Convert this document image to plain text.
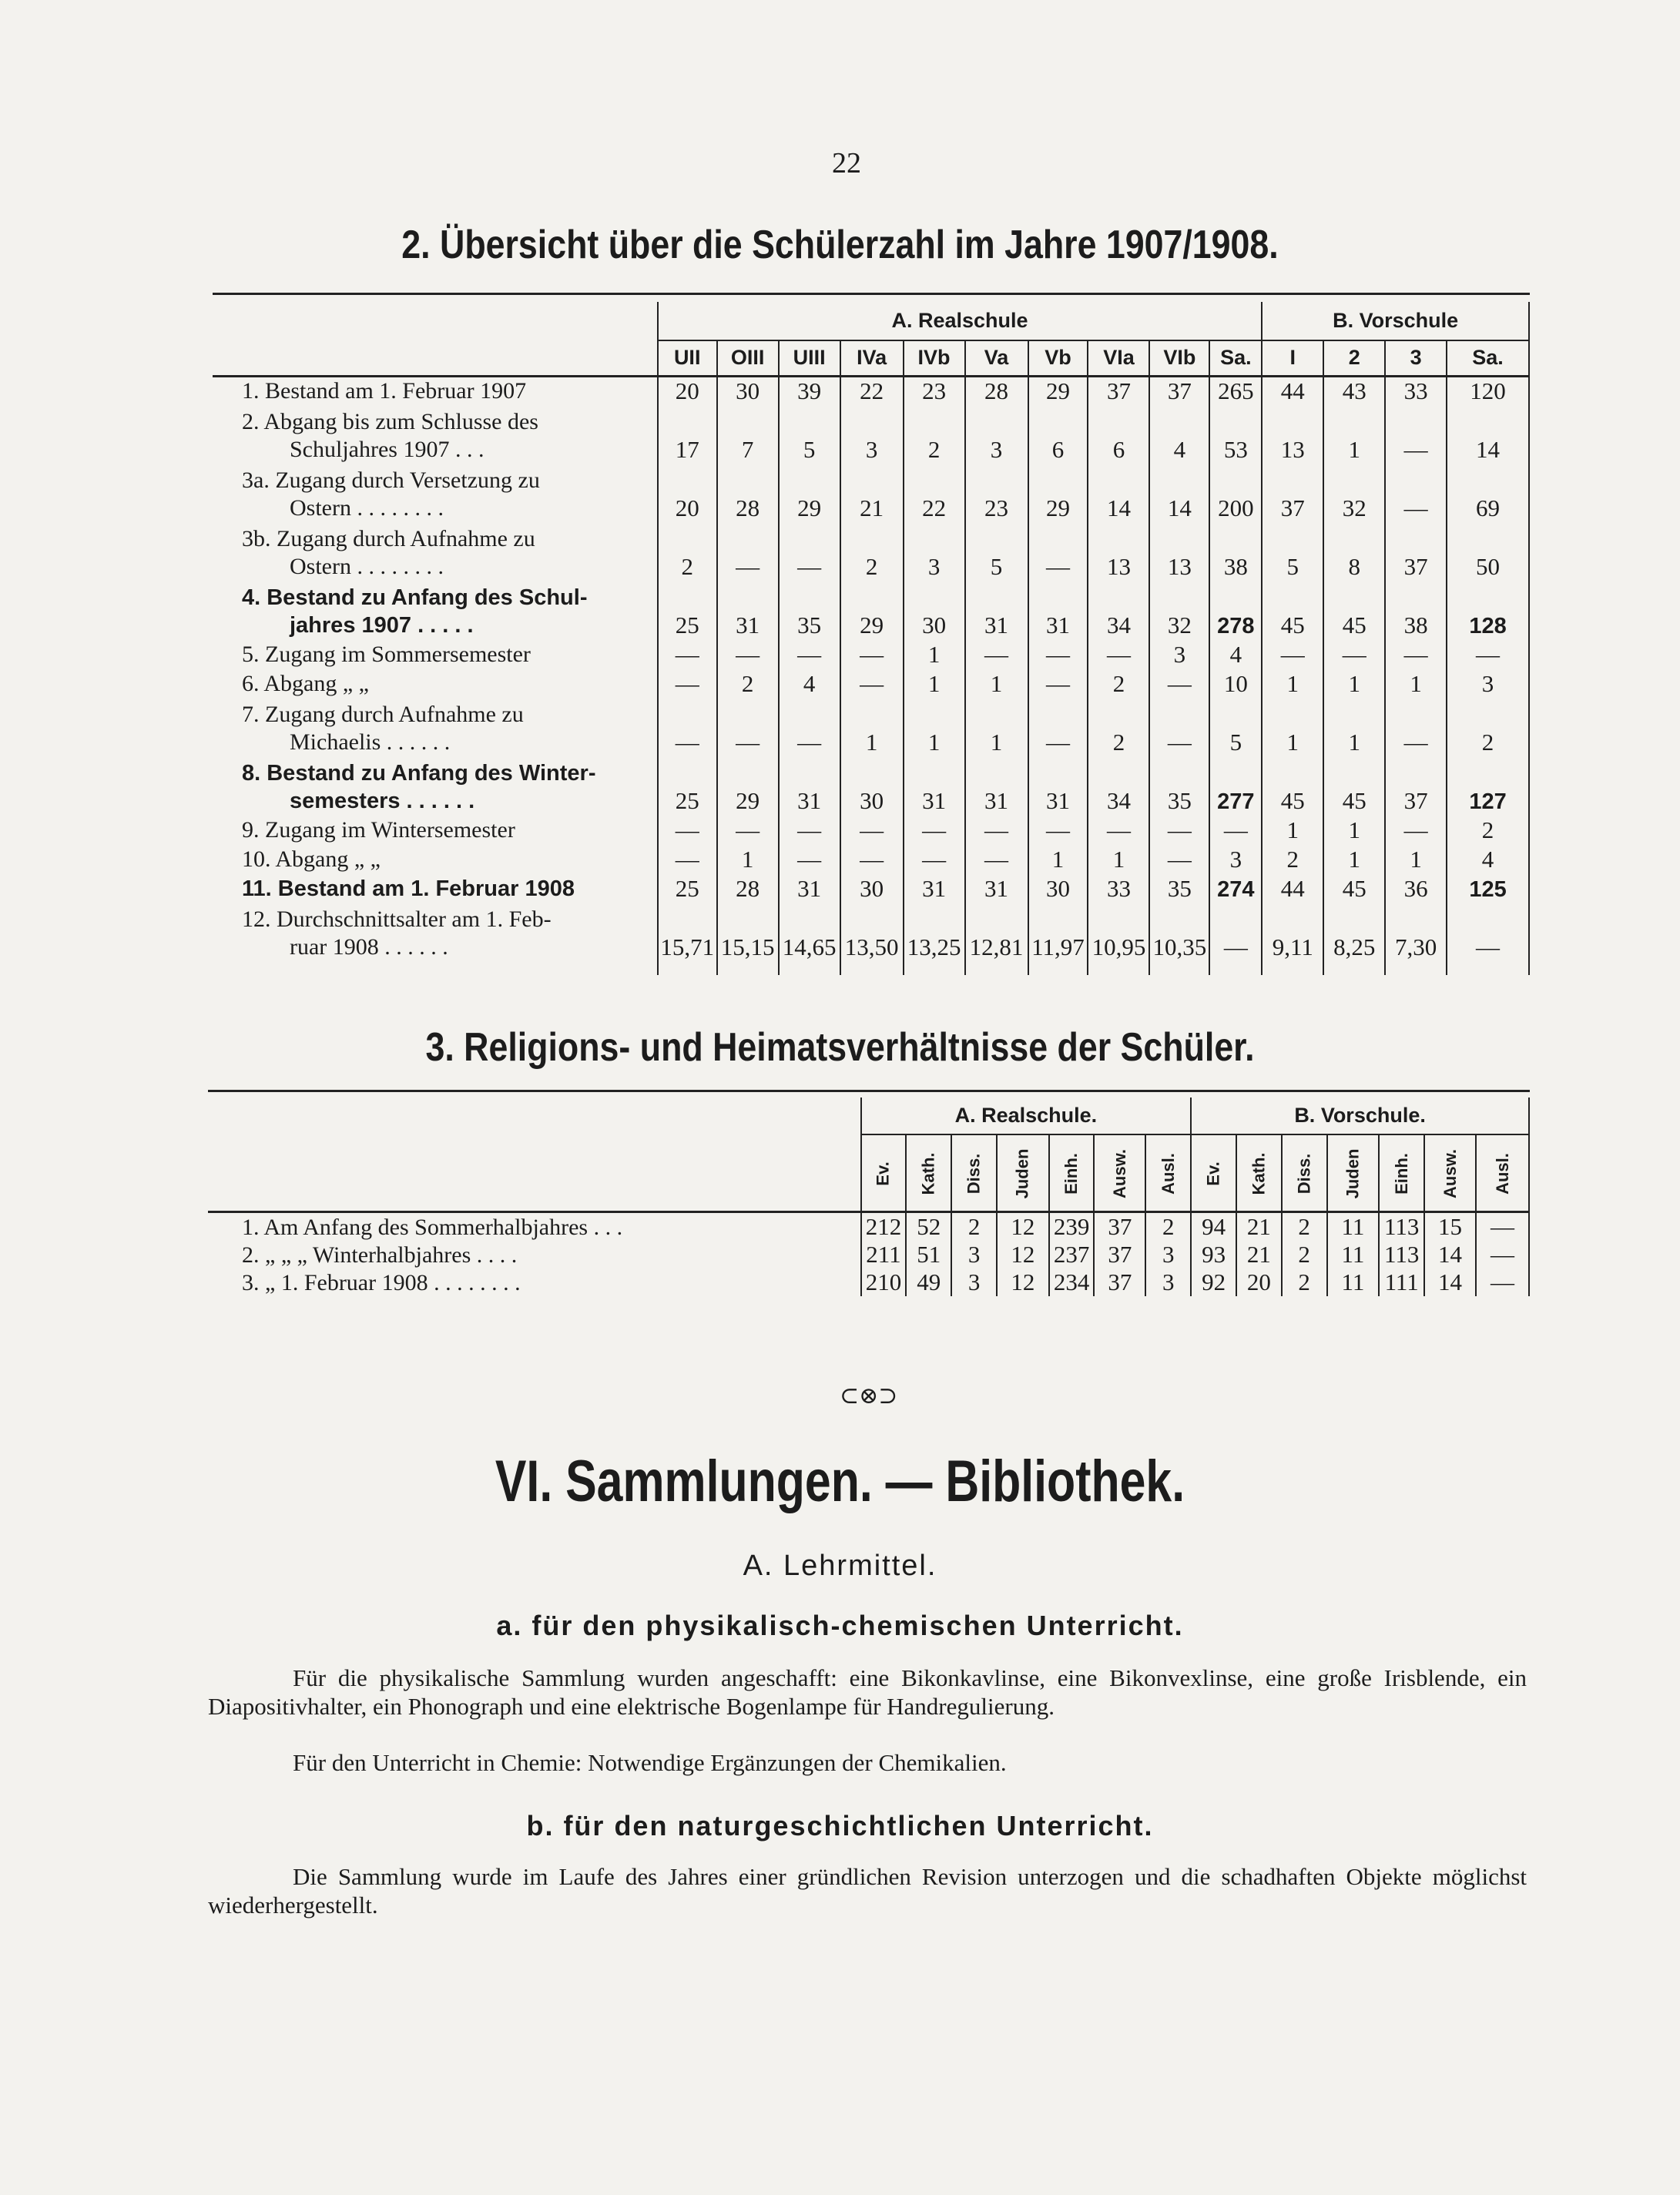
22
2. Übersicht über die Schülerzahl im Jahre 1907/1908.
	A. Realschule										B. Vorschule			
	UII	OIII	UIII	IVa	IVb	Va	Vb	VIa	VIb	Sa.	I	2	3	Sa.

1. Bestand am 1. Februar 1907	20	30	39	22	23	28	29	37	37	265	44	43	33	120

2. Abgang bis zum Schlusse des
Schuljahres 1907 . . .	17	7	5	3	2	3	6	6	4	53	13	1	—	14

3a. Zugang durch Versetzung zu
Ostern . . . . . . . .	20	28	29	21	22	23	29	14	14	200	37	32	—	69

3b. Zugang durch Aufnahme zu
Ostern . . . . . . . .	2	—	—	2	3	5	—	13	13	38	5	8	37	50

4. Bestand zu Anfang des Schul-
jahres 1907 . . . . .	25	31	35	29	30	31	31	34	32	278	45	45	38	128

5. Zugang im Sommersemester	—	—	—	—	1	—	—	—	3	4	—	—	—	—

6. Abgang „ „	—	2	4	—	1	1	—	2	—	10	1	1	1	3

7. Zugang durch Aufnahme zu
Michaelis . . . . . .	—	—	—	1	1	1	—	2	—	5	1	1	—	2

8. Bestand zu Anfang des Winter-
semesters . . . . . .	25	29	31	30	31	31	31	34	35	277	45	45	37	127

9. Zugang im Wintersemester	—	—	—	—	—	—	—	—	—	—	1	1	—	2

10. Abgang „ „	—	1	—	—	—	—	1	1	—	3	2	1	1	4

11. Bestand am 1. Februar 1908	25	28	31	30	31	31	30	33	35	274	44	45	36	125

12. Durchschnittsalter am 1. Feb-
ruar 1908 . . . . . .	15,71	15,15	14,65	13,50	13,25	12,81	11,97	10,95	10,35	—	9,11	8,25	7,30	—

3. Religions- und Heimatsverhältnisse der Schüler.
	A. Realschule.							B. Vorschule.						
	Ev.	Kath.	Diss.	Juden	Einh.	Ausw.	Ausl.	Ev.	Kath.	Diss.	Juden	Einh.	Ausw.	Ausl.
1. Am Anfang des Sommerhalbjahres . . .	212	52	2	12	239	37	2	94	21	2	11	113	15	—
2. „ „ „ Winterhalbjahres . . . .	211	51	3	12	237	37	3	93	21	2	11	113	14	—
3. „ 1. Februar 1908 . . . . . . . .	210	49	3	12	234	37	3	92	20	2	11	111	14	—
⊂⊗⊃
VI. Sammlungen. — Bibliothek.
A. Lehrmittel.
a. für den physikalisch-chemischen Unterricht.
Für die physikalische Sammlung wurden angeschafft: eine Bikonkavlinse, eine Bikonvexlinse, eine große Irisblende, ein Diapositivhalter, ein Phonograph und eine elektrische Bogenlampe für Handregulierung.
Für den Unterricht in Chemie: Notwendige Ergänzungen der Chemikalien.
b. für den naturgeschichtlichen Unterricht.
Die Sammlung wurde im Laufe des Jahres einer gründlichen Revision unterzogen und die schadhaften Objekte möglichst wiederhergestellt.
